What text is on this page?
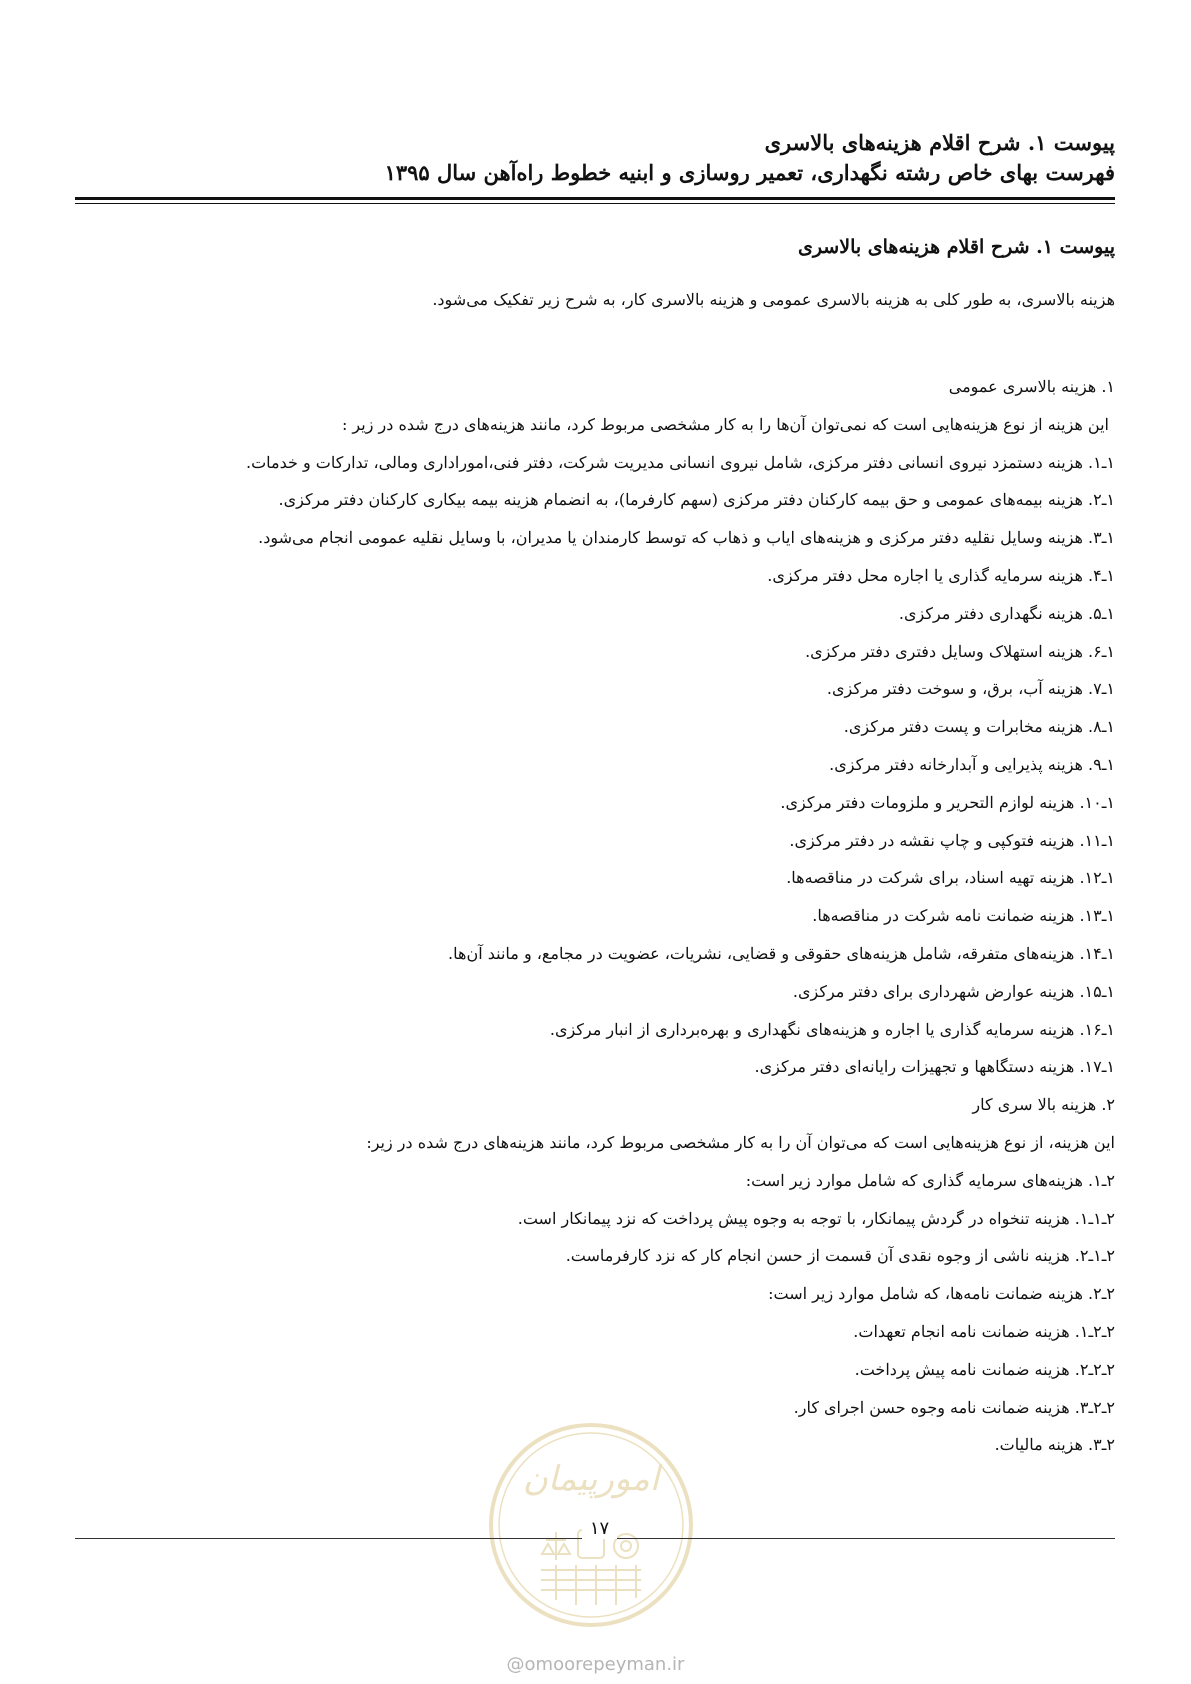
پیوست ۱. شرح اقلام هزینه‌های بالاسری
فهرست بهای خاص رشته نگهداری، تعمیر روسازی و ابنیه خطوط راه‌آهن سال ۱۳۹۵
پیوست ۱. شرح اقلام هزینه‌های بالاسری
هزینه بالاسری، به طور کلی به هزینه بالاسری عمومی و هزینه بالاسری کار، به شرح زیر تفکیک می‌شود.
۱. هزینه بالاسری عمومی
این هزینه از نوع هزینه‌هایی است که نمی‌توان آن‌ها را به کار مشخصی مربوط کرد، مانند هزینه‌های درج شده در زیر :
۱ـ۱. هزینه دستمزد نیروی انسانی دفتر مرکزی، شامل نیروی انسانی مدیریت شرکت، دفتر فنی،اموراداری ومالی، تدارکات و خدمات.
۱ـ۲. هزینه بیمه‌های عمومی و حق بیمه کارکنان دفتر مرکزی (سهم کارفرما)، به انضمام هزینه بیمه بیکاری کارکنان دفتر مرکزی.
۱ـ۳. هزینه وسایل نقلیه دفتر مرکزی و هزینه‌های ایاب و ذهاب که توسط کارمندان یا مدیران، با وسایل نقلیه عمومی انجام می‌شود.
۱ـ۴. هزینه سرمایه گذاری یا اجاره محل دفتر مرکزی.
۱ـ۵. هزینه نگهداری دفتر مرکزی.
۱ـ۶. هزینه استهلاک وسایل دفتری دفتر مرکزی.
۱ـ۷. هزینه آب، برق، و سوخت دفتر مرکزی.
۱ـ۸. هزینه مخابرات و پست دفتر مرکزی.
۱ـ۹. هزینه پذیرایی و آبدارخانه دفتر مرکزی.
۱ـ۱۰. هزینه لوازم التحریر و ملزومات دفتر مرکزی.
۱ـ۱۱. هزینه فتوکپی و چاپ نقشه در دفتر مرکزی.
۱ـ۱۲. هزینه تهیه اسناد، برای شرکت در مناقصه‌ها.
۱ـ۱۳. هزینه ضمانت نامه شرکت در مناقصه‌ها.
۱ـ۱۴. هزینه‌های متفرقه، شامل هزینه‌های حقوقی و قضایی، نشریات، عضویت در مجامع، و مانند آن‌ها.
۱ـ۱۵. هزینه عوارض شهرداری برای دفتر مرکزی.
۱ـ۱۶. هزینه سرمایه گذاری یا اجاره و هزینه‌های نگهداری و بهره‌برداری از انبار مرکزی.
۱ـ۱۷. هزینه دستگاهها و تجهیزات رایانه‌ای دفتر مرکزی.
۲. هزینه بالا سری کار
این هزینه، از نوع هزینه‌هایی است که می‌توان آن را به کار مشخصی مربوط کرد، مانند هزینه‌های درج شده در زیر:
۲ـ۱. هزینه‌های سرمایه گذاری که شامل موارد زیر است:
۲ـ۱ـ۱. هزینه تنخواه در گردش پیمانکار، با توجه به وجوه پیش پرداخت که نزد پیمانکار است.
۲ـ۱ـ۲. هزینه ناشی از وجوه نقدی آن قسمت از حسن انجام کار که نزد کارفرماست.
۲ـ۲. هزینه ضمانت نامه‌ها، که شامل موارد زیر است:
۲ـ۲ـ۱. هزینه ضمانت نامه انجام تعهدات.
۲ـ۲ـ۲. هزینه ضمانت نامه پیش پرداخت.
۲ـ۲ـ۳. هزینه ضمانت نامه وجوه حسن اجرای کار.
۲ـ۳. هزینه مالیات.
امورپیمان
۱۷
@omoorepeyman.ir
